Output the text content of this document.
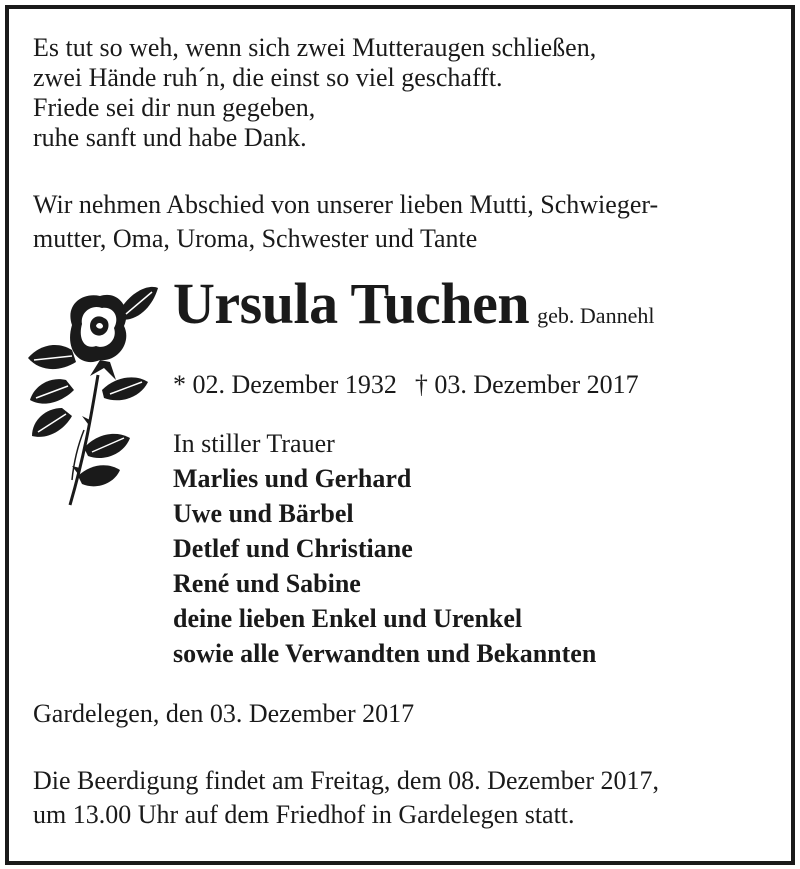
Es tut so weh, wenn sich zwei Mutteraugen schließen,
zwei Hände ruh´n, die einst so viel geschafft.
Friede sei dir nun gegeben,
ruhe sanft und habe Dank.
Wir nehmen Abschied von unserer lieben Mutti, Schwieger-
mutter, Oma, Uroma, Schwester und Tante
Ursula Tuchen geb. Dannehl
* 02. Dezember 1932 † 03. Dezember 2017
In stiller Trauer
Marlies und Gerhard
Uwe und Bärbel
Detlef und Christiane
René und Sabine
deine lieben Enkel und Urenkel
sowie alle Verwandten und Bekannten
Gardelegen, den 03. Dezember 2017
Die Beerdigung findet am Freitag, dem 08. Dezember 2017,
um 13.00 Uhr auf dem Friedhof in Gardelegen statt.
